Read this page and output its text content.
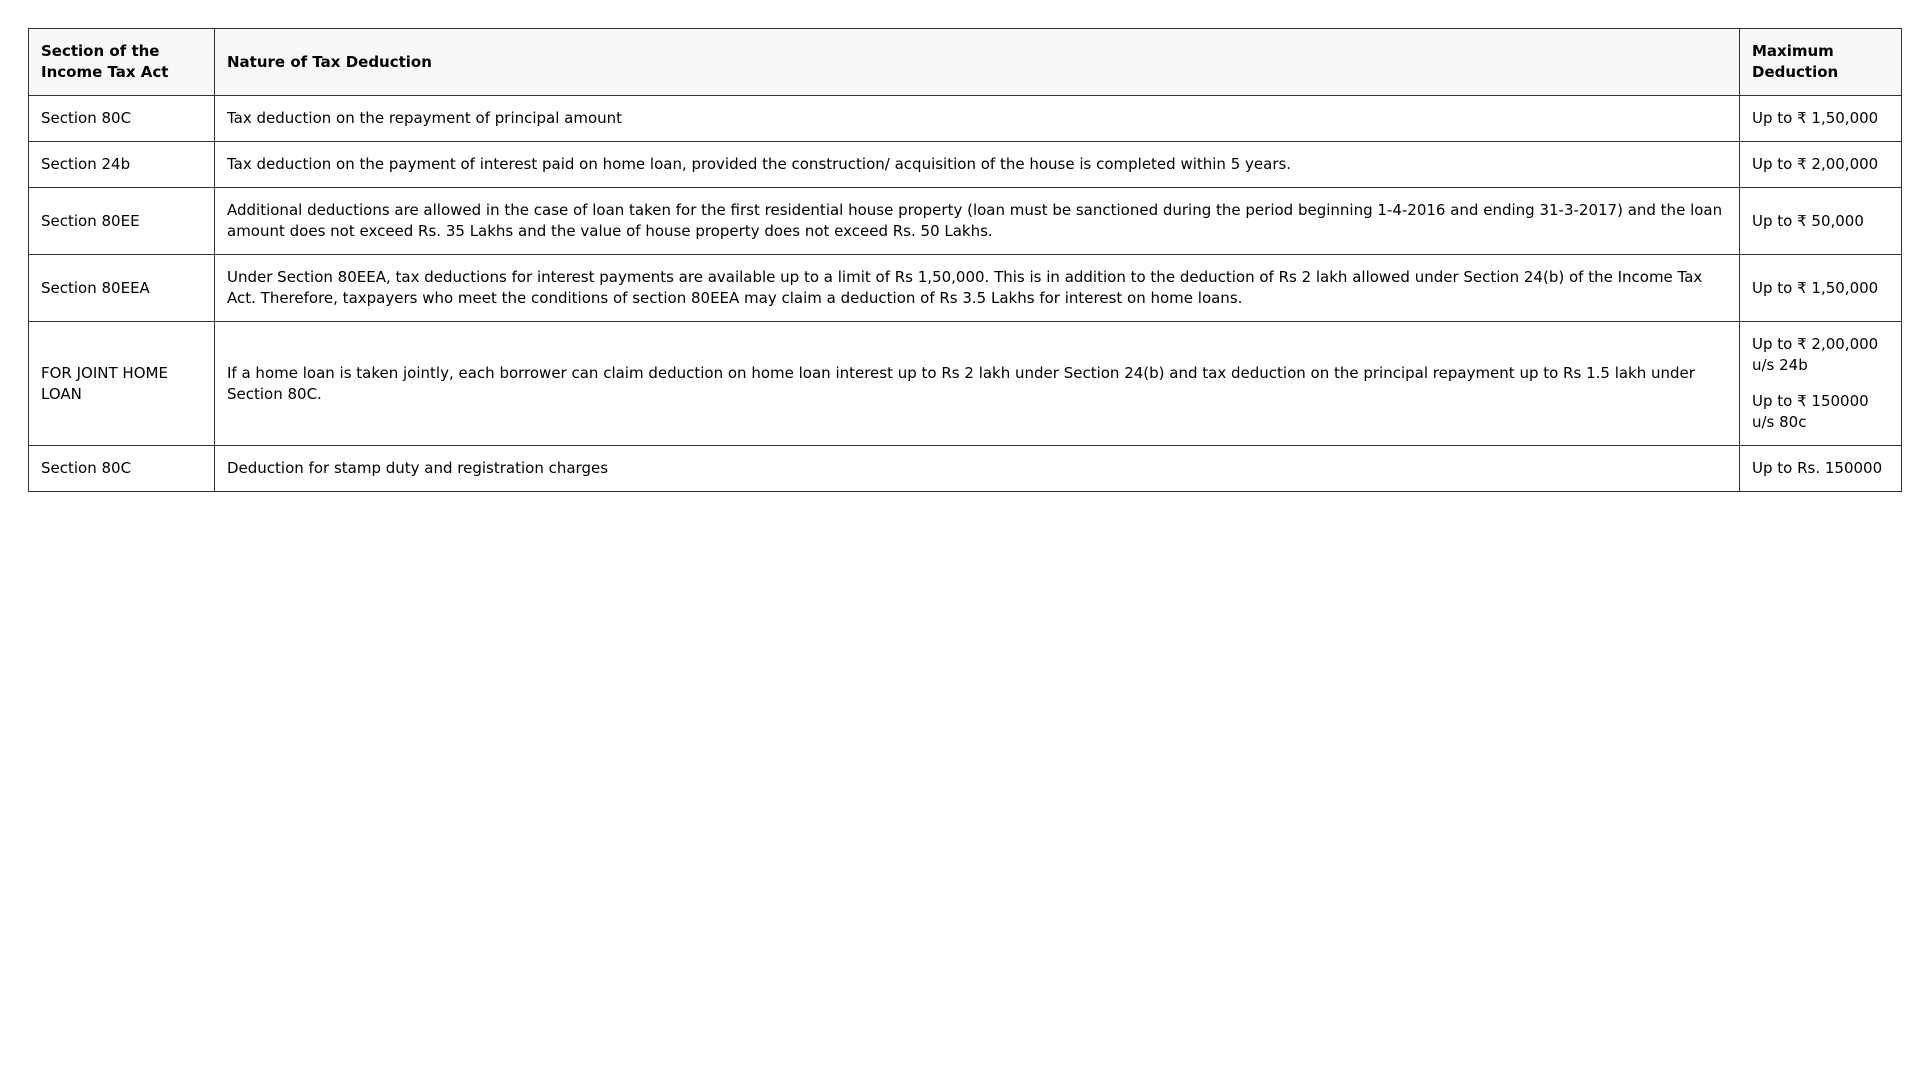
Section of the Income Tax Act	Nature of Tax Deduction	Maximum Deduction
Section 80C	Tax deduction on the repayment of principal amount	Up to ₹ 1,50,000

Section 24b	Tax deduction on the payment of interest paid on home loan, provided the construction/ acquisition of the house is completed within 5 years.	Up to ₹ 2,00,000

Section 80EE	Additional deductions are allowed in the case of loan taken for the first residential house property (loan must be sanctioned during the period beginning 1-4-2016 and ending 31-3-2017) and the loan amount does not exceed Rs. 35 Lakhs and the value of house property does not exceed Rs. 50 Lakhs.	Up to ₹ 50,000

Section 80EEA	Under Section 80EEA, tax deductions for interest payments are available up to a limit of Rs 1,50,000. This is in addition to the deduction of Rs 2 lakh allowed under Section 24(b) of the Income Tax Act. Therefore, taxpayers who meet the conditions of section 80EEA may claim a deduction of Rs 3.5 Lakhs for interest on home loans.	Up to ₹ 1,50,000

FOR JOINT HOME LOAN	If a home loan is taken jointly, each borrower can claim deduction on home loan interest up to Rs 2 lakh under Section 24(b) and tax deduction on the principal repayment up to Rs 1.5 lakh under Section 80C.	Up to ₹ 2,00,000 u/s 24b
Up to ₹ 150000 u/s 80c

Section 80C	Deduction for stamp duty and registration charges	Up to Rs. 150000
